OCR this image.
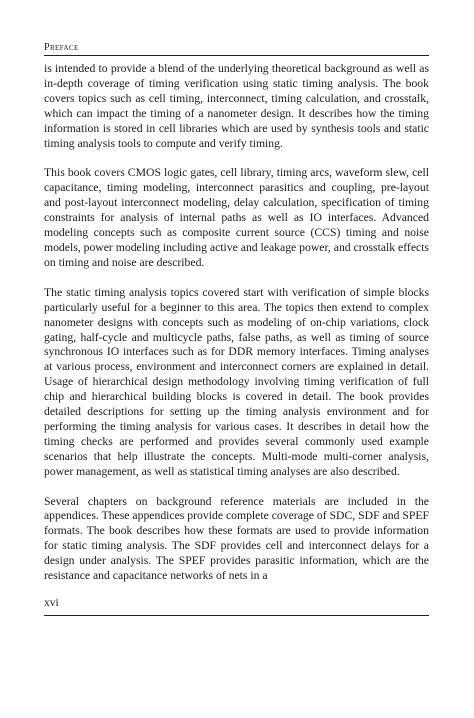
Preface

is intended to provide a blend of the underlying theoretical background as well as in-depth coverage of timing verification using static timing analysis. The book covers topics such as cell timing, interconnect, timing calculation, and crosstalk, which can impact the timing of a nanometer design. It describes how the timing information is stored in cell libraries which are used by synthesis tools and static timing analysis tools to compute and verify timing.

This book covers CMOS logic gates, cell library, timing arcs, waveform slew, cell capacitance, timing modeling, interconnect parasitics and coupling, pre-layout and post-layout interconnect modeling, delay calculation, specification of timing constraints for analysis of internal paths as well as IO interfaces. Advanced modeling concepts such as composite current source (CCS) timing and noise models, power modeling including active and leakage power, and crosstalk effects on timing and noise are described.

The static timing analysis topics covered start with verification of simple blocks particularly useful for a beginner to this area. The topics then extend to complex nanometer designs with concepts such as modeling of on-chip variations, clock gating, half-cycle and multicycle paths, false paths, as well as timing of source synchronous IO interfaces such as for DDR memory interfaces. Timing analyses at various process, environment and interconnect corners are explained in detail. Usage of hierarchical design methodology involving timing verification of full chip and hierarchical building blocks is covered in detail. The book provides detailed descriptions for setting up the timing analysis environment and for performing the timing analysis for various cases. It describes in detail how the timing checks are performed and provides several commonly used example scenarios that help illustrate the concepts. Multi-mode multi-corner analysis, power management, as well as statistical timing analyses are also described.

Several chapters on background reference materials are included in the appendices. These appendices provide complete coverage of SDC, SDF and SPEF formats. The book describes how these formats are used to provide information for static timing analysis. The SDF provides cell and interconnect delays for a design under analysis. The SPEF provides parasitic information, which are the resistance and capacitance networks of nets in a

xvi
